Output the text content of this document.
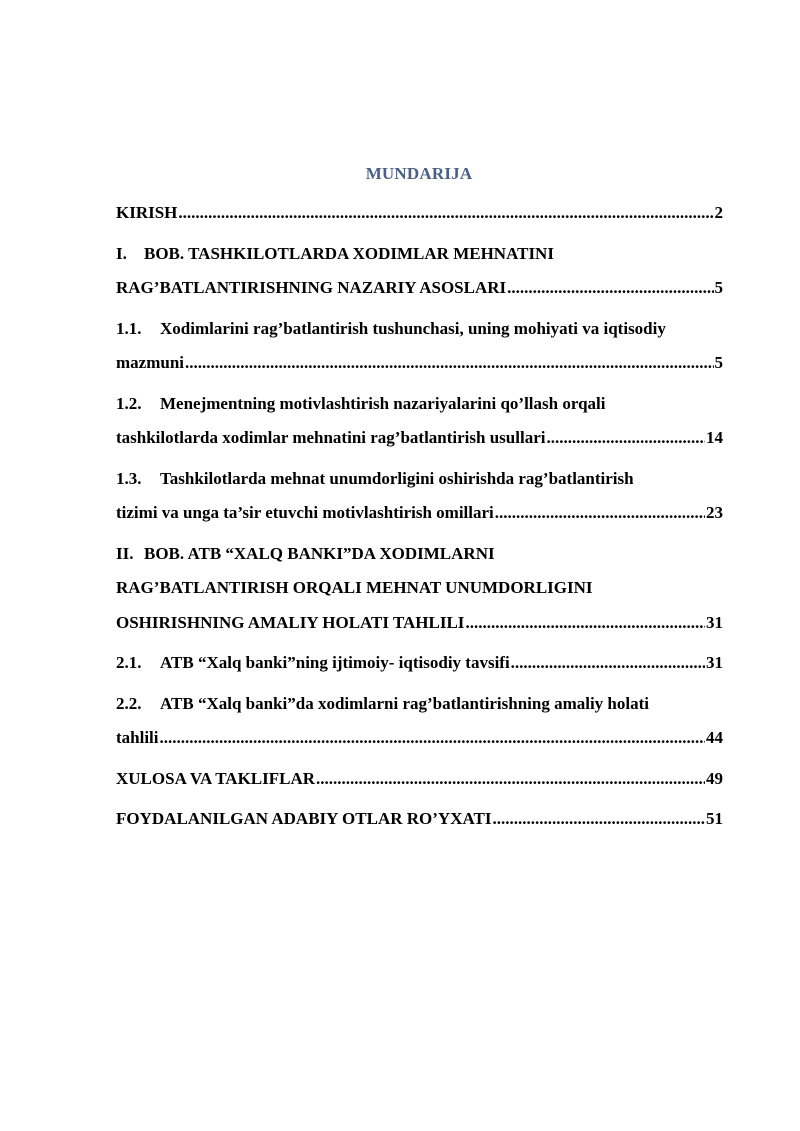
MUNDARIJA
KIRISH .....	2
I. BOB. TASHKILOTLARDA XODIMLAR MEHNATINI
RAG’BATLANTIRISHNING NAZARIY ASOSLARI .....	5
1.1. Xodimlarini rag’batlantirish tushunchasi, uning mohiyati va iqtisodiy
mazmuni .....	5
1.2. Menejmentning motivlashtirish nazariyalarini qo’llash orqali
tashkilotlarda xodimlar mehnatini rag’batlantirish usullari .....	14
1.3. Tashkilotlarda mehnat unumdorligini oshirishda rag’batlantirish
tizimi va unga ta’sir etuvchi motivlashtirish omillari .....	23
II. BOB. ATB “XALQ BANKI”DA XODIMLARNI
RAG’BATLANTIRISH ORQALI MEHNAT UNUMDORLIGINI
OSHIRISHNING AMALIY HOLATI TAHLILI .....	31
2.1. ATB “Xalq banki”ning ijtimoiy- iqtisodiy tavsifi .....	31
2.2. ATB “Xalq banki”da xodimlarni rag’batlantirishning amaliy holati
tahlili .....	44
XULOSA VA TAKLIFLAR .....	49
FOYDALANILGAN ADABIY OTLAR RO’YXATI .....	51
